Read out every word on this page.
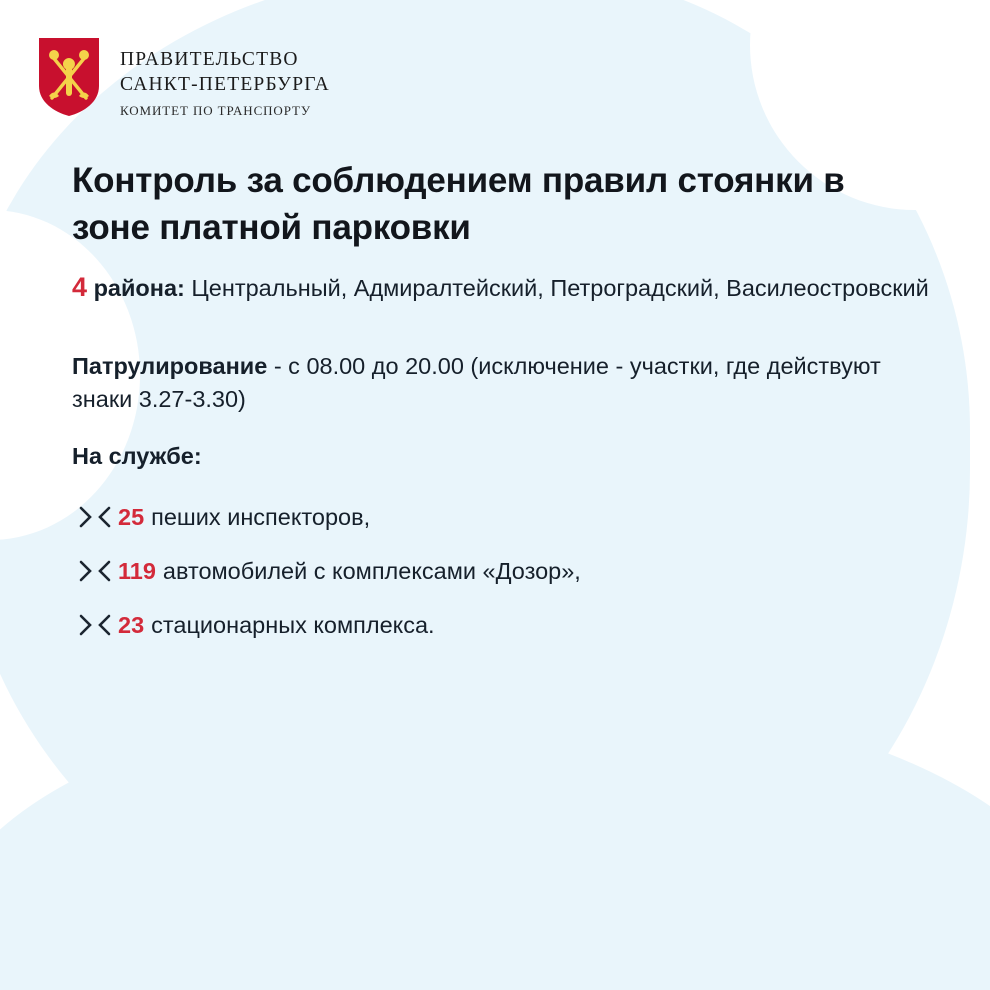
ПРАВИТЕЛЬСТВО
САНКТ-ПЕТЕРБУРГА
КОМИТЕТ ПО ТРАНСПОРТУ
Контроль за соблюдением правил стоянки в зоне платной парковки
4 района: Центральный, Адмиралтейский, Петроградский, Василеостровский
Патрулирование - с 08.00 до 20.00 (исключение - участки, где действуют знаки 3.27-3.30)
На службе:
25 пеших инспекторов,
119 автомобилей с комплексами «Дозор»,
23 стационарных комплекса.
